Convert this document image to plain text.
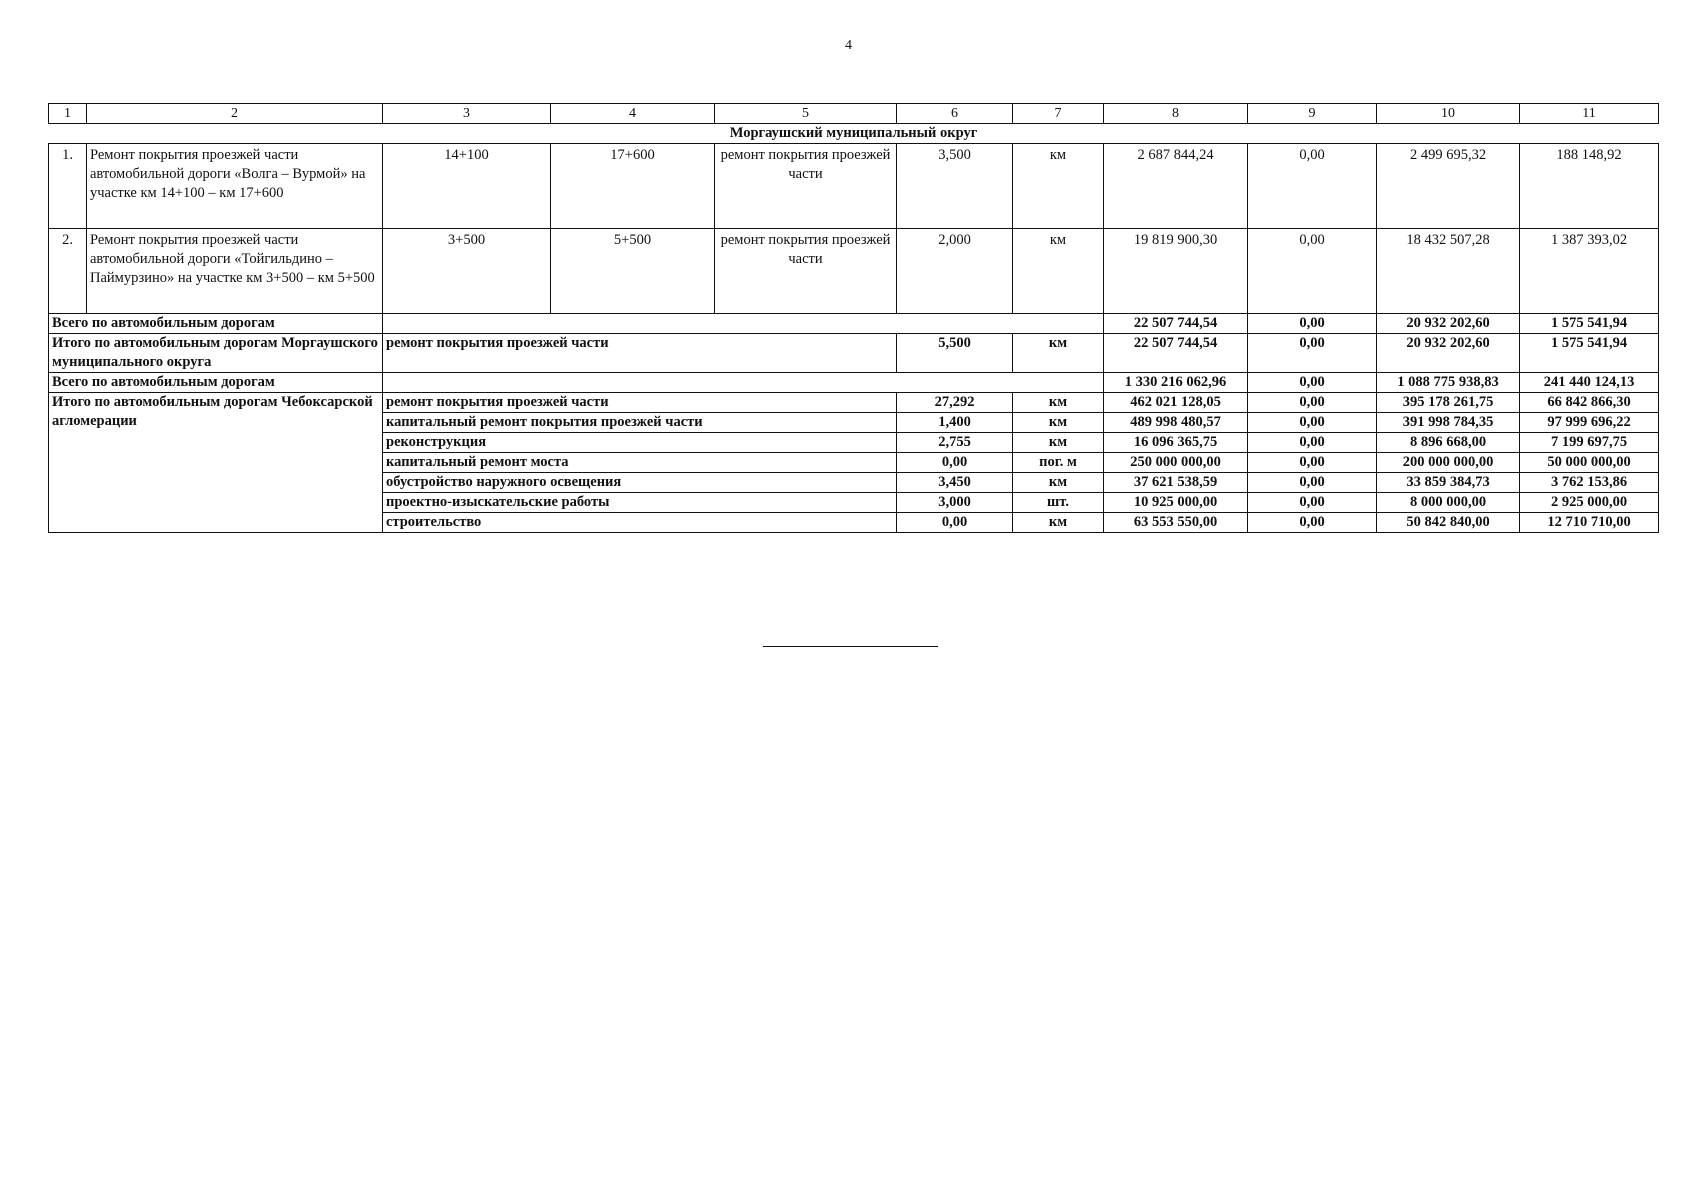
4
1	2	3	4	5	6	7	8	9	10	11
Моргаушский муниципальный округ										
1.	Ремонт покрытия проезжей части автомобильной дороги «Волга – Вурмой» на участке км 14+100 – км 17+600	14+100	17+600	ремонт покрытия проезжей части	3,500	км	2 687 844,24	0,00	2 499 695,32	188 148,92
2.	Ремонт покрытия проезжей части автомобильной дороги «Тойгильдино – Паймурзино» на участке км 3+500 – км 5+500	3+500	5+500	ремонт покрытия проезжей части	2,000	км	19 819 900,30	0,00	18 432 507,28	1 387 393,02
Всего по автомобильным дорогам							22 507 744,54	0,00	20 932 202,60	1 575 541,94
Итого по автомобильным дорогам Моргаушского муниципального округа		ремонт покрытия проезжей части			5,500	км	22 507 744,54	0,00	20 932 202,60	1 575 541,94
Всего по автомобильным дорогам							1 330 216 062,96	0,00	1 088 775 938,83	241 440 124,13
Итого по автомобильным дорогам Чебоксарской агломерации		ремонт покрытия проезжей части			27,292	км	462 021 128,05	0,00	395 178 261,75	66 842 866,30
		капитальный ремонт покрытия проезжей части			1,400	км	489 998 480,57	0,00	391 998 784,35	97 999 696,22
		реконструкция			2,755	км	16 096 365,75	0,00	8 896 668,00	7 199 697,75
		капитальный ремонт моста			0,00	пог. м	250 000 000,00	0,00	200 000 000,00	50 000 000,00
		обустройство наружного освещения			3,450	км	37 621 538,59	0,00	33 859 384,73	3 762 153,86
		проектно-изыскательские работы			3,000	шт.	10 925 000,00	0,00	8 000 000,00	2 925 000,00
		строительство			0,00	км	63 553 550,00	0,00	50 842 840,00	12 710 710,00
